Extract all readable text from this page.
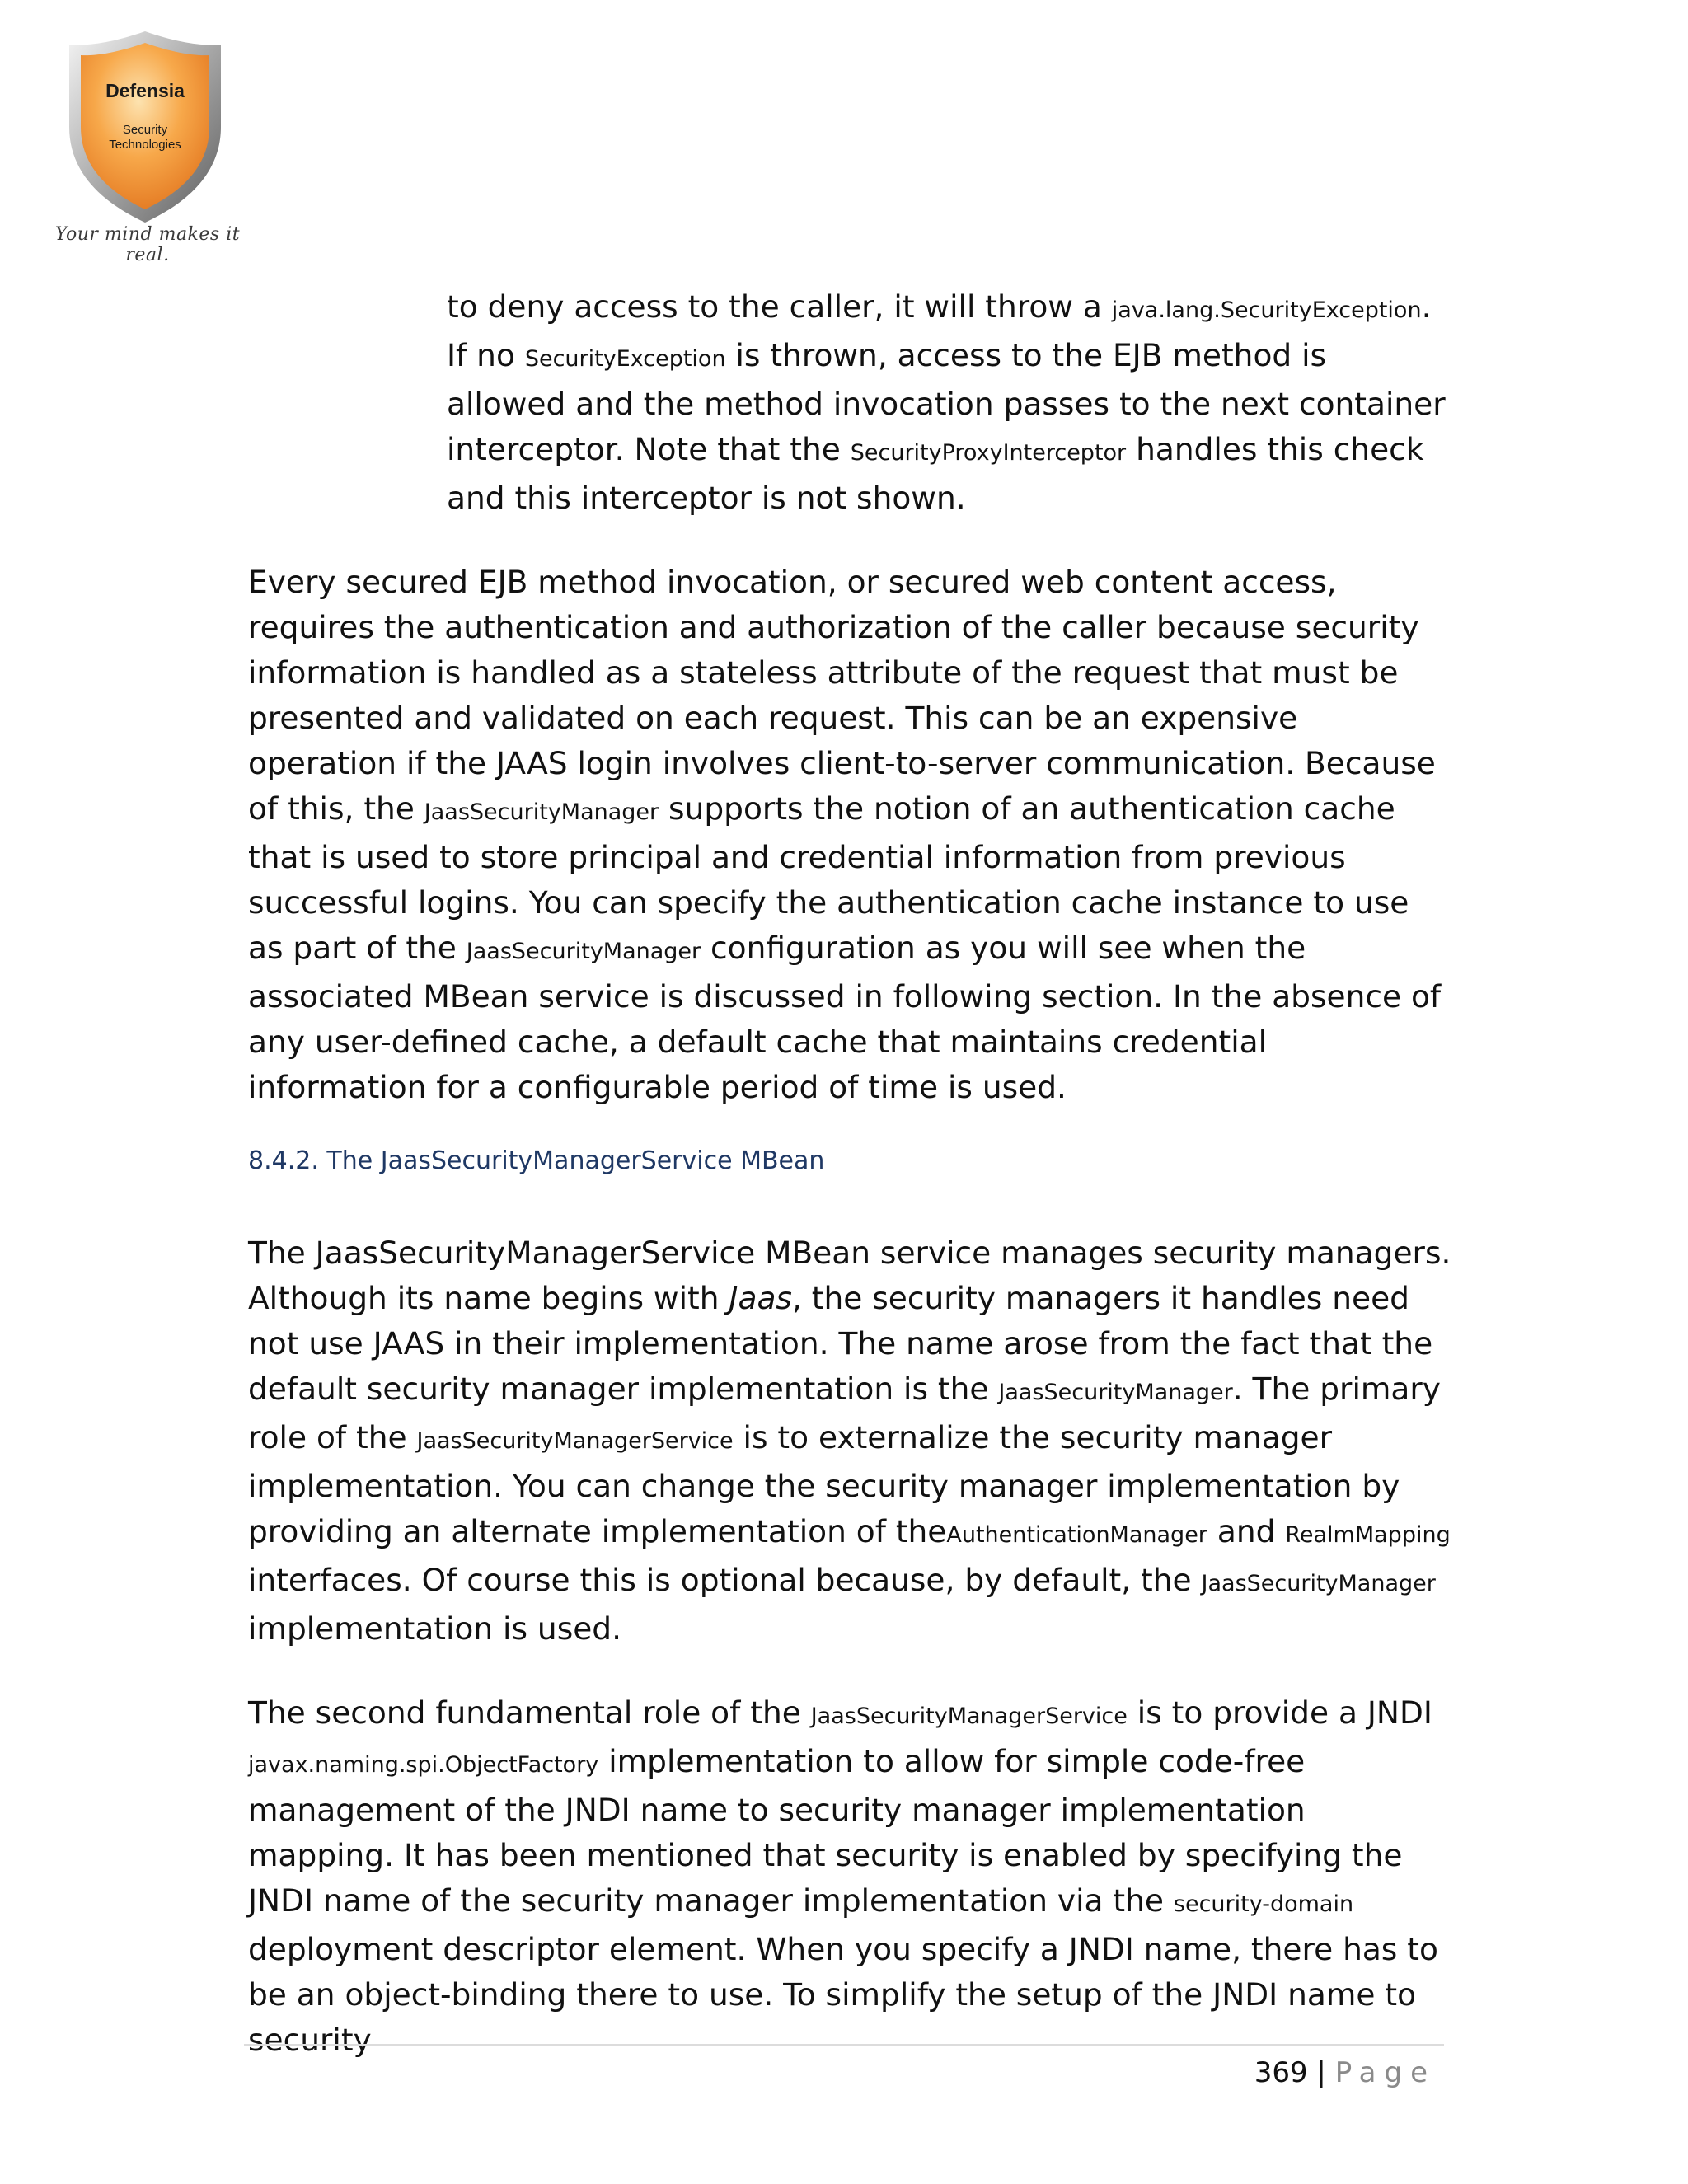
Defensia
Security
Technologies
Your mind makes it real.

to deny access to the caller, it will throw a java.lang.SecurityException. If no SecurityException is thrown, access to the EJB method is allowed and the method invocation passes to the next container interceptor. Note that the SecurityProxyInterceptor handles this check and this interceptor is not shown.

Every secured EJB method invocation, or secured web content access, requires the authentication and authorization of the caller because security information is handled as a stateless attribute of the request that must be presented and validated on each request. This can be an expensive operation if the JAAS login involves client-to-server communication. Because of this, the JaasSecurityManager supports the notion of an authentication cache that is used to store principal and credential information from previous successful logins. You can specify the authentication cache instance to use as part of the JaasSecurityManager configuration as you will see when the associated MBean service is discussed in following section. In the absence of any user-defined cache, a default cache that maintains credential information for a configurable period of time is used.

8.4.2. The JaasSecurityManagerService MBean

The JaasSecurityManagerService MBean service manages security managers. Although its name begins with Jaas, the security managers it handles need not use JAAS in their implementation. The name arose from the fact that the default security manager implementation is the JaasSecurityManager. The primary role of the JaasSecurityManagerService is to externalize the security manager implementation. You can change the security manager implementation by providing an alternate implementation of theAuthenticationManager and RealmMapping interfaces. Of course this is optional because, by default, the JaasSecurityManager implementation is used.

The second fundamental role of the JaasSecurityManagerService is to provide a JNDI javax.naming.spi.ObjectFactory implementation to allow for simple code-free management of the JNDI name to security manager implementation mapping. It has been mentioned that security is enabled by specifying the JNDI name of the security manager implementation via the security-domain deployment descriptor element. When you specify a JNDI name, there has to be an object-binding there to use. To simplify the setup of the JNDI name to security

369 | Page
